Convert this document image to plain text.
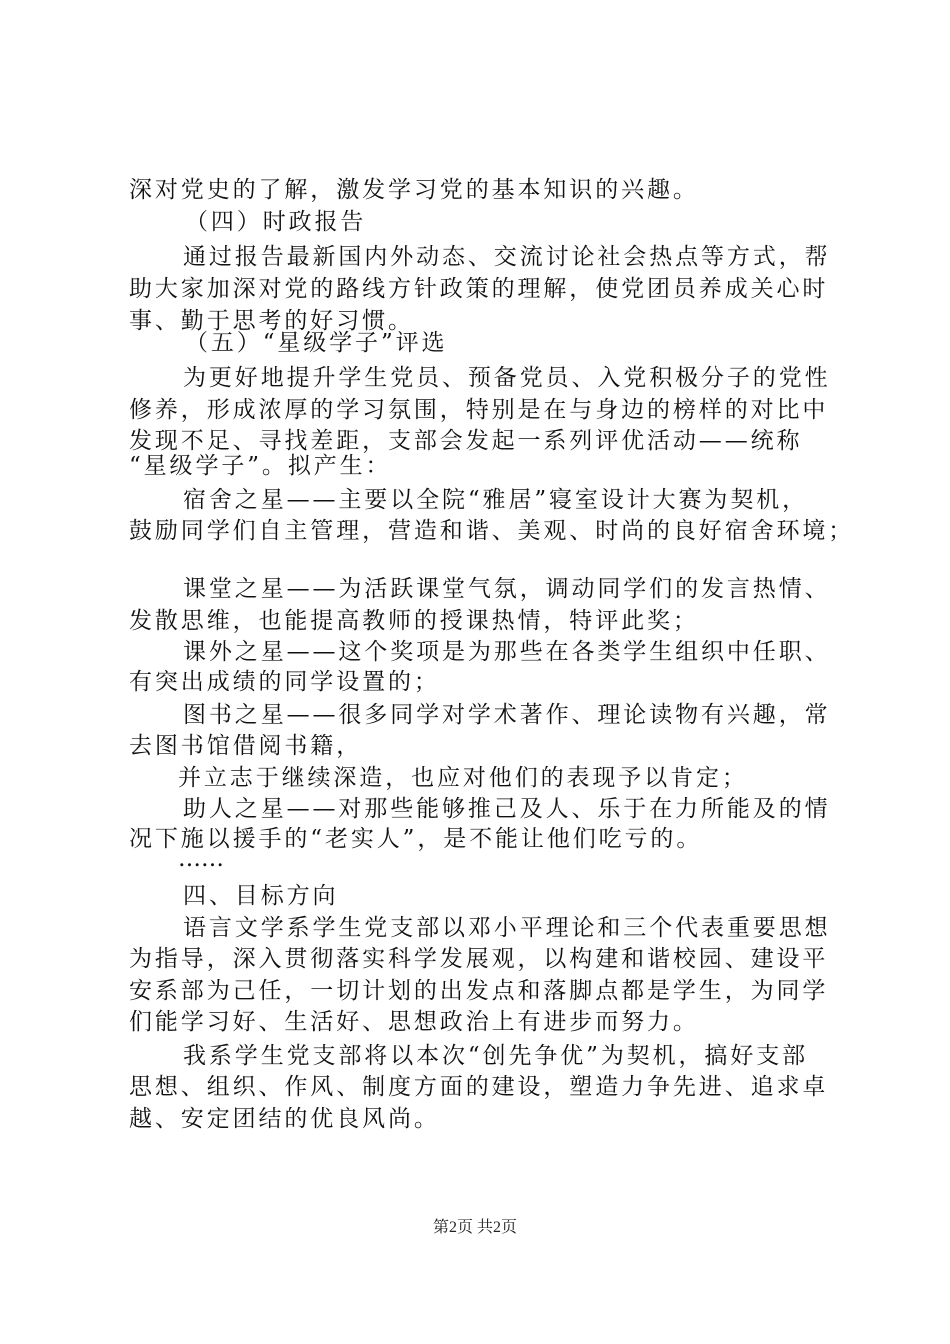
深对党史的了解，激发学习党的基本知识的兴趣。
（四）时政报告
通过报告最新国内外动态、交流讨论社会热点等方式，帮
助大家加深对党的路线方针政策的理解，使党团员养成关心时
事、勤于思考的好习惯。
（五）“星级学子”评选
为更好地提升学生党员、预备党员、入党积极分子的党性
修养，形成浓厚的学习氛围，特别是在与身边的榜样的对比中
发现不足、寻找差距，支部会发起一系列评优活动——统称
“星级学子”。拟产生：
宿舍之星——主要以全院“雅居”寝室设计大赛为契机，
鼓励同学们自主管理，营造和谐、美观、时尚的良好宿舍环境；
课堂之星——为活跃课堂气氛，调动同学们的发言热情、
发散思维，也能提高教师的授课热情，特评此奖；
课外之星——这个奖项是为那些在各类学生组织中任职、
有突出成绩的同学设置的；
图书之星——很多同学对学术著作、理论读物有兴趣，常
去图书馆借阅书籍，
并立志于继续深造，也应对他们的表现予以肯定；
助人之星——对那些能够推己及人、乐于在力所能及的情
况下施以援手的“老实人”，是不能让他们吃亏的。
……
四、目标方向
语言文学系学生党支部以邓小平理论和三个代表重要思想
为指导，深入贯彻落实科学发展观，以构建和谐校园、建设平
安系部为己任，一切计划的出发点和落脚点都是学生，为同学
们能学习好、生活好、思想政治上有进步而努力。
我系学生党支部将以本次“创先争优”为契机，搞好支部
思想、组织、作风、制度方面的建设，塑造力争先进、追求卓
越、安定团结的优良风尚。
第2页 共2页
